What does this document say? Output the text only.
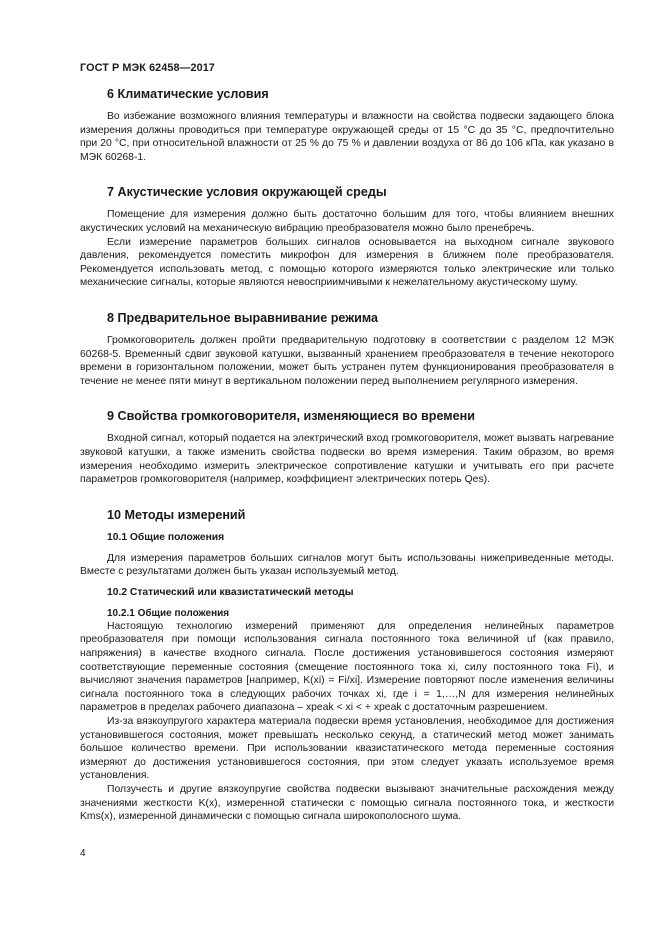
ГОСТ Р МЭК 62458—2017
6 Климатические условия

Во избежание возможного влияния температуры и влажности на свойства подвески задающего блока измерения должны проводиться при температуре окружающей среды от 15 °С до 35 °С, предпочтительно при 20 °С, при относительной влажности от 25 % до 75 % и давлении воздуха от 86 до 106 кПа, как указано в МЭК 60268-1.

7 Акустические условия окружающей среды

Помещение для измерения должно быть достаточно большим для того, чтобы влиянием внешних акустических условий на механическую вибрацию преобразователя можно было пренебречь.

Если измерение параметров больших сигналов основывается на выходном сигнале звукового давления, рекомендуется поместить микрофон для измерения в ближнем поле преобразователя. Рекомендуется использовать метод, с помощью которого измеряются только электрические или только механические сигналы, которые являются невосприимчивыми к нежелательному акустическому шуму.

8 Предварительное выравнивание режима

Громкоговоритель должен пройти предварительную подготовку в соответствии с разделом 12 МЭК 60268-5. Временный сдвиг звуковой катушки, вызванный хранением преобразователя в течение некоторого времени в горизонтальном положении, может быть устранен путем функционирования преобразователя в течение не менее пяти минут в вертикальном положении перед выполнением регулярного измерения.

9 Свойства громкоговорителя, изменяющиеся во времени

Входной сигнал, который подается на электрический вход громкоговорителя, может вызвать нагревание звуковой катушки, а также изменить свойства подвески во время измерения. Таким образом, во время измерения необходимо измерить электрическое сопротивление катушки и учитывать его при расчете параметров громкоговорителя (например, коэффициент электрических потерь Qes).

10 Методы измерений
10.1 Общие положения

Для измерения параметров больших сигналов могут быть использованы нижеприведенные методы. Вместе с результатами должен быть указан используемый метод.

10.2 Статический или квазистатический методы
10.2.1 Общие положения

Настоящую технологию измерений применяют для определения нелинейных параметров преобразователя при помощи использования сигнала постоянного тока величиной uf (как правило, напряжения) в качестве входного сигнала. После достижения установившегося состояния измеряют соответствующие переменные состояния (смещение постоянного тока xi, силу постоянного тока Fi), и вычисляют значения параметров [например, K(xi) = Fi/xi]. Измерение повторяют после изменения величины сигнала постоянного тока в следующих рабочих точках xi, где i = 1,…,N для измерения нелинейных параметров в пределах рабочего диапазона – xpeak < xi < + xpeak с достаточным разрешением.

Из-за вязкоупругого характера материала подвески время установления, необходимое для достижения установившегося состояния, может превышать несколько секунд, а статический метод может занимать большое количество времени. При использовании квазистатического метода переменные состояния измеряют до достижения установившегося состояния, при этом следует указать используемое время установления.

Ползучесть и другие вязкоупругие свойства подвески вызывают значительные расхождения между значениями жесткости K(x), измеренной статически с помощью сигнала постоянного тока, и жесткости Kms(x), измеренной динамически с помощью сигнала широкополосного шума.

4
